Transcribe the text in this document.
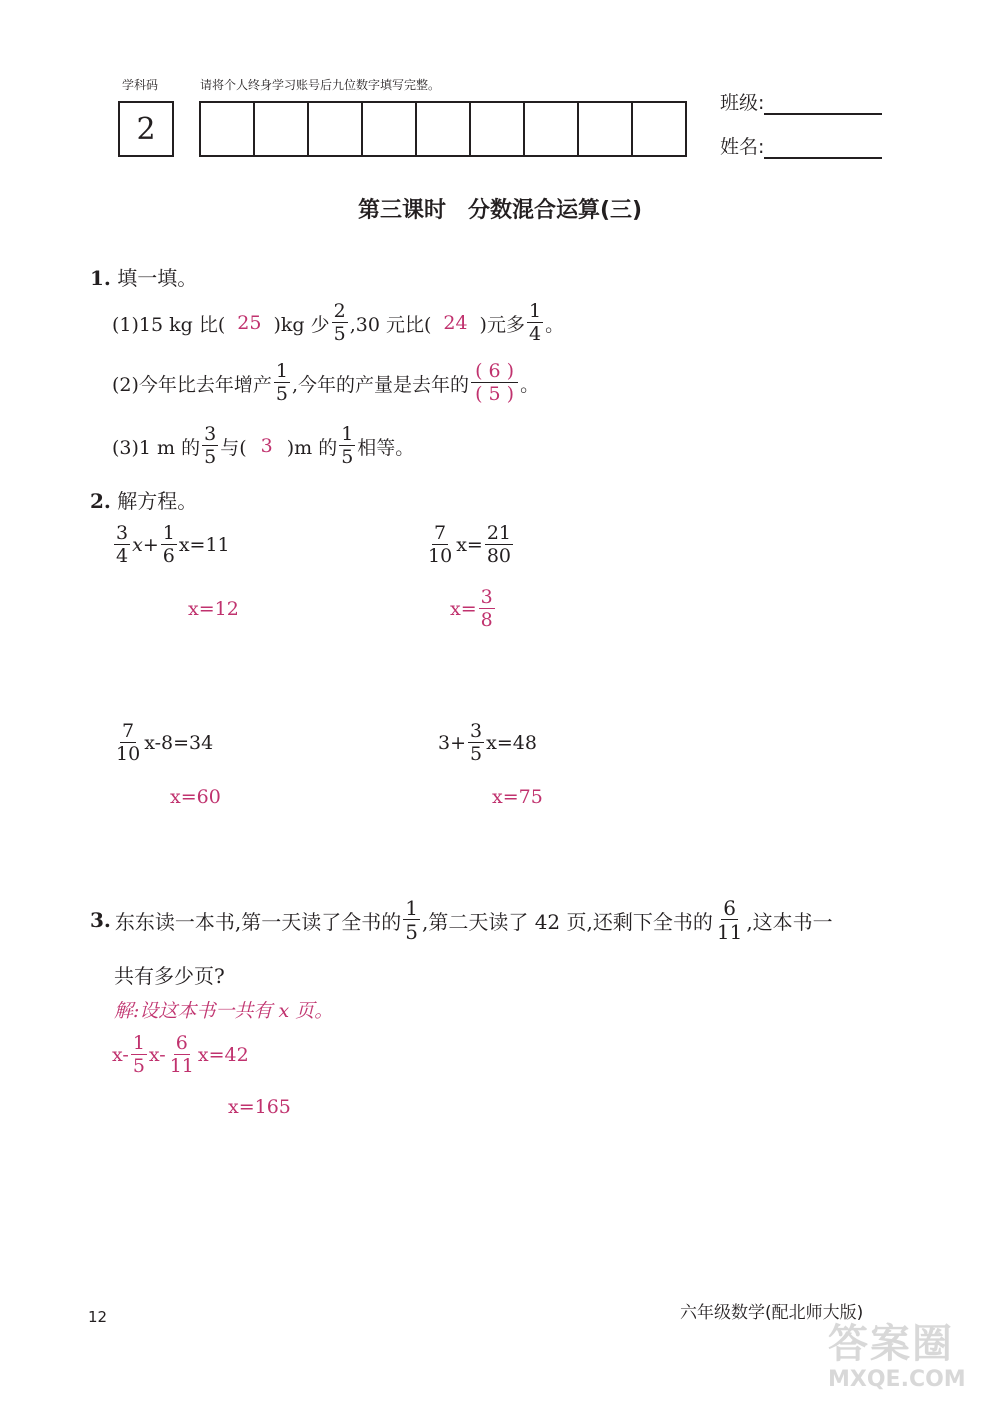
学科码
2
请将个人终身学习账号后九位数字填写完整。
班级:
姓名:
第三课时　分数混合运算(三)
1. 填一填。
(1)15 kg 比( 25 )kg 少 $\frac{2}{5} ,30$ 元比( 24 )元多 $\frac{1}{4}$ 。
(2)今年比去年增产 $\frac{1}{5}$ ,今年的产量是去年的 $\frac{( 6 )}{( 5 )}$ 。
(3)1 m 的 $\frac{3}{5}$ 与( 3 )m 的 $\frac{1}{5}$ 相等。
2. 解方程。
$\frac{3}{4}$ $x + \frac{1}{6} x=11$
x=12
$\frac{7}{10} x= \frac{21}{80}$
$x= \frac{3}{8}$
$\frac{7}{10} x-8=34$
x=60
$3+ \frac{3}{5} x=48$
x=75
3. 东东读一本书,第一天读了全书的 $\frac{1}{5}$ ,第二天读了 42 页,还剩下全书的 $\frac{6}{11}$ ,这本书一
共有多少页?
解:设这本书一共有 x 页。
$x- \frac{1}{5} x- \frac{6}{11} x=42$
x=165
12	六年级数学(配北师大版)
答案圈
MXQE.COM
